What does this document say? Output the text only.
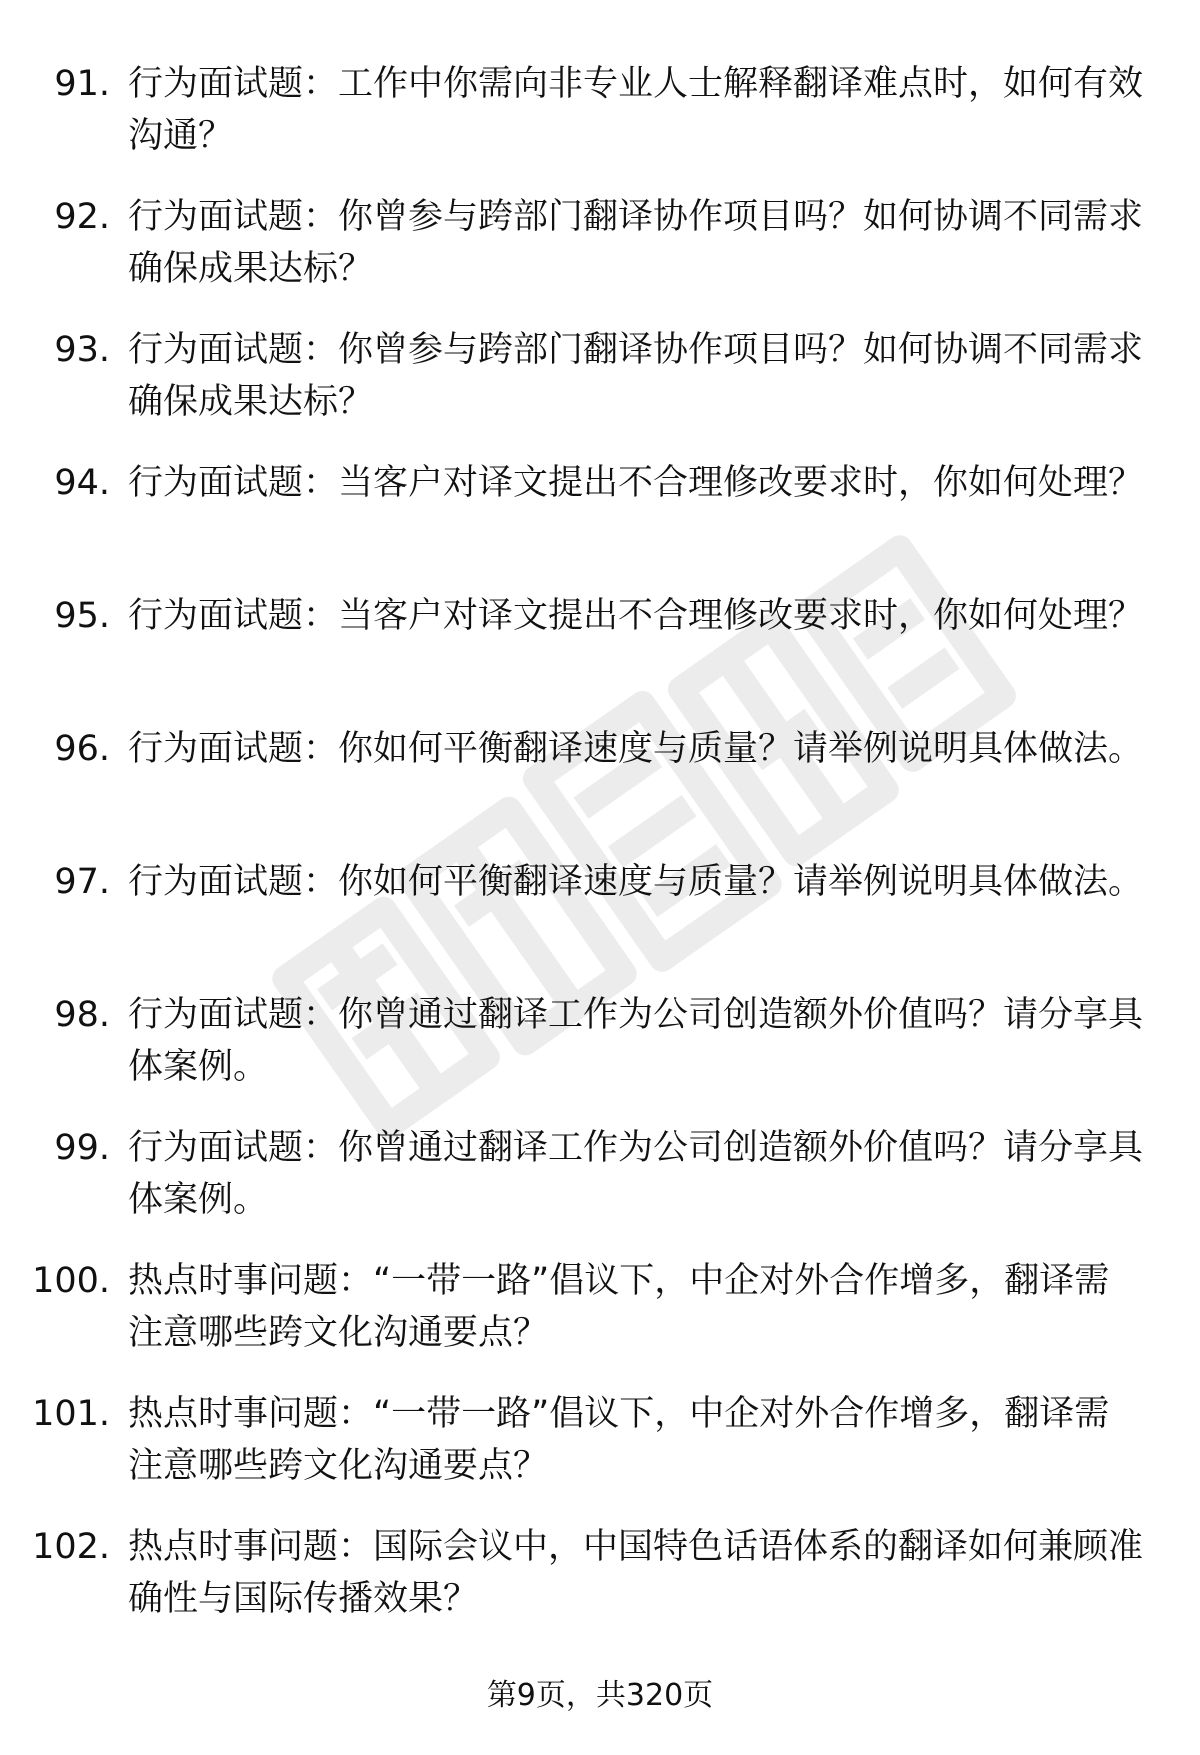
91. 行为面试题：工作中你需向非专业人士解释翻译难点时，如何有效沟通？

92. 行为面试题：你曾参与跨部门翻译协作项目吗？如何协调不同需求确保成果达标？

93. 行为面试题：你曾参与跨部门翻译协作项目吗？如何协调不同需求确保成果达标？

94. 行为面试题：当客户对译文提出不合理修改要求时，你如何处理？

95. 行为面试题：当客户对译文提出不合理修改要求时，你如何处理？

96. 行为面试题：你如何平衡翻译速度与质量？请举例说明具体做法。

97. 行为面试题：你如何平衡翻译速度与质量？请举例说明具体做法。

98. 行为面试题：你曾通过翻译工作为公司创造额外价值吗？请分享具体案例。

99. 行为面试题：你曾通过翻译工作为公司创造额外价值吗？请分享具体案例。

100. 热点时事问题：“一带一路”倡议下，中企对外合作增多，翻译需注意哪些跨文化沟通要点？

101. 热点时事问题：“一带一路”倡议下，中企对外合作增多，翻译需注意哪些跨文化沟通要点？

102. 热点时事问题：国际会议中，中国特色话语体系的翻译如何兼顾准确性与国际传播效果？

第9页，共320页
